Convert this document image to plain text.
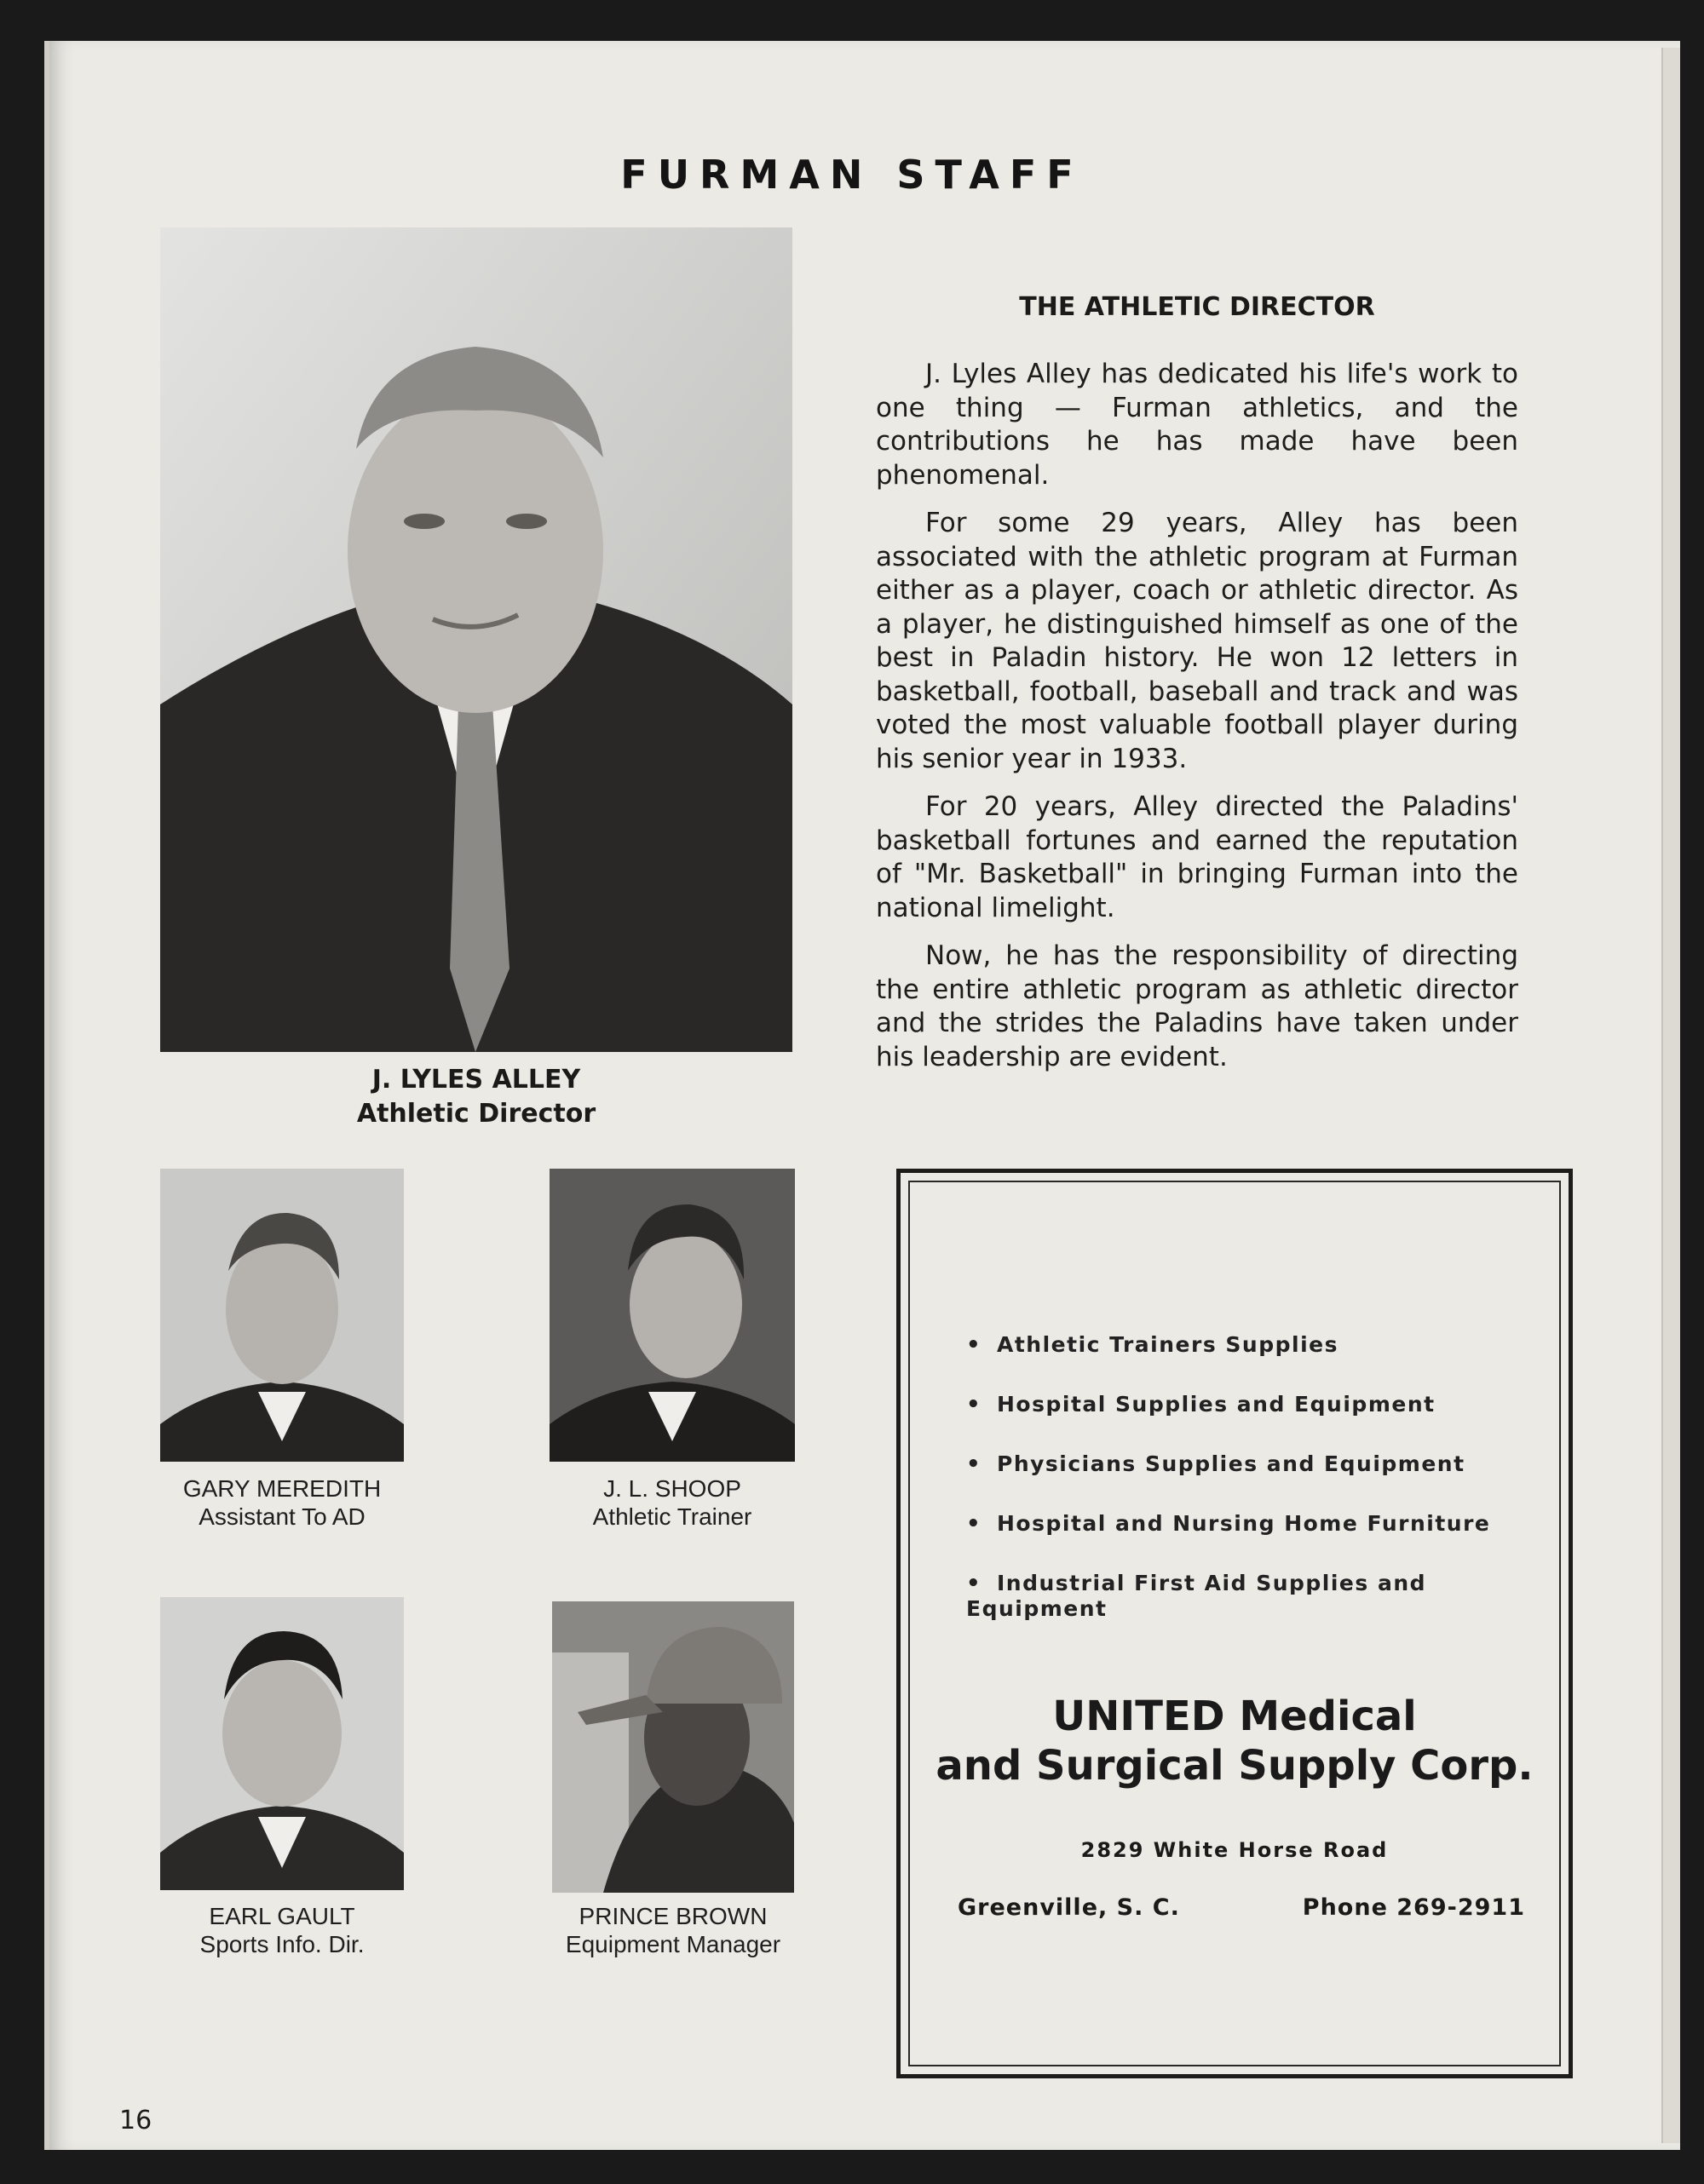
FURMAN STAFF
J. LYLES ALLEY
Athletic Director
THE ATHLETIC DIRECTOR

J. Lyles Alley has dedicated his life's work to one thing — Furman athletics, and the contributions he has made have been phenomenal.

For some 29 years, Alley has been associated with the athletic program at Furman either as a player, coach or athletic director. As a player, he distinguished himself as one of the best in Paladin history. He won 12 letters in basketball, football, baseball and track and was voted the most valuable football player during his senior year in 1933.

For 20 years, Alley directed the Paladins' basketball fortunes and earned the reputation of "Mr. Basketball" in bringing Furman into the national limelight.

Now, he has the responsibility of directing the entire athletic program as athletic director and the strides the Paladins have taken under his leadership are evident.

GARY MEREDITH
Assistant To AD
J. L. SHOOP
Athletic Trainer
EARL GAULT
Sports Info. Dir.
PRINCE BROWN
Equipment Manager
• Athletic Trainers Supplies
• Hospital Supplies and Equipment
• Physicians Supplies and Equipment
• Hospital and Nursing Home Furniture
• Industrial First Aid Supplies and Equipment
UNITED Medical
and Surgical Supply Corp.
2829 White Horse Road
Greenville, S. C.	Phone 269-2911
16
